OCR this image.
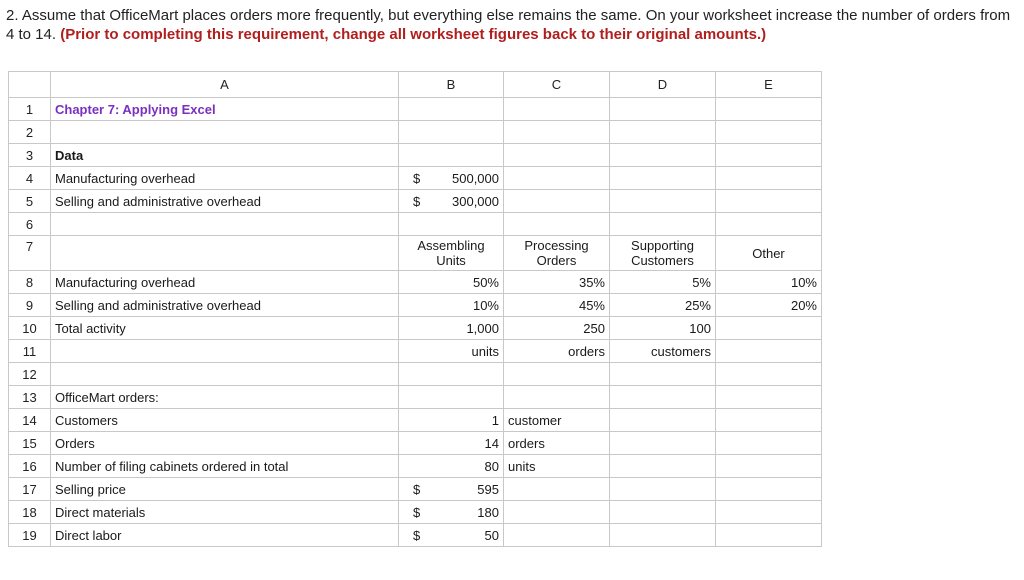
2. Assume that OfficeMart places orders more frequently, but everything else remains the same. On your worksheet increase the number of orders from 4 to 14. (Prior to completing this requirement, change all worksheet figures back to their original amounts.)
	A	B	C	D	E
1	Chapter 7: Applying Excel				
2					
3	Data				
4	Manufacturing overhead	$ 500,000			

5	Selling and administrative overhead	$ 300,000			

6					
7		Assembling Units	Processing Orders	Supporting Customers	Other
8	Manufacturing overhead	50%	35%	5%	10%
9	Selling and administrative overhead	10%	45%	25%	20%
10	Total activity	1,000	250	100	
11		units	orders	customers	
12					
13	OfficeMart orders:				
14	Customers	1	customer		
15	Orders	14	orders		
16	Number of filing cabinets ordered in total	80	units		
17	Selling price	$ 595			

18	Direct materials	$ 180			

19	Direct labor	$ 50			
